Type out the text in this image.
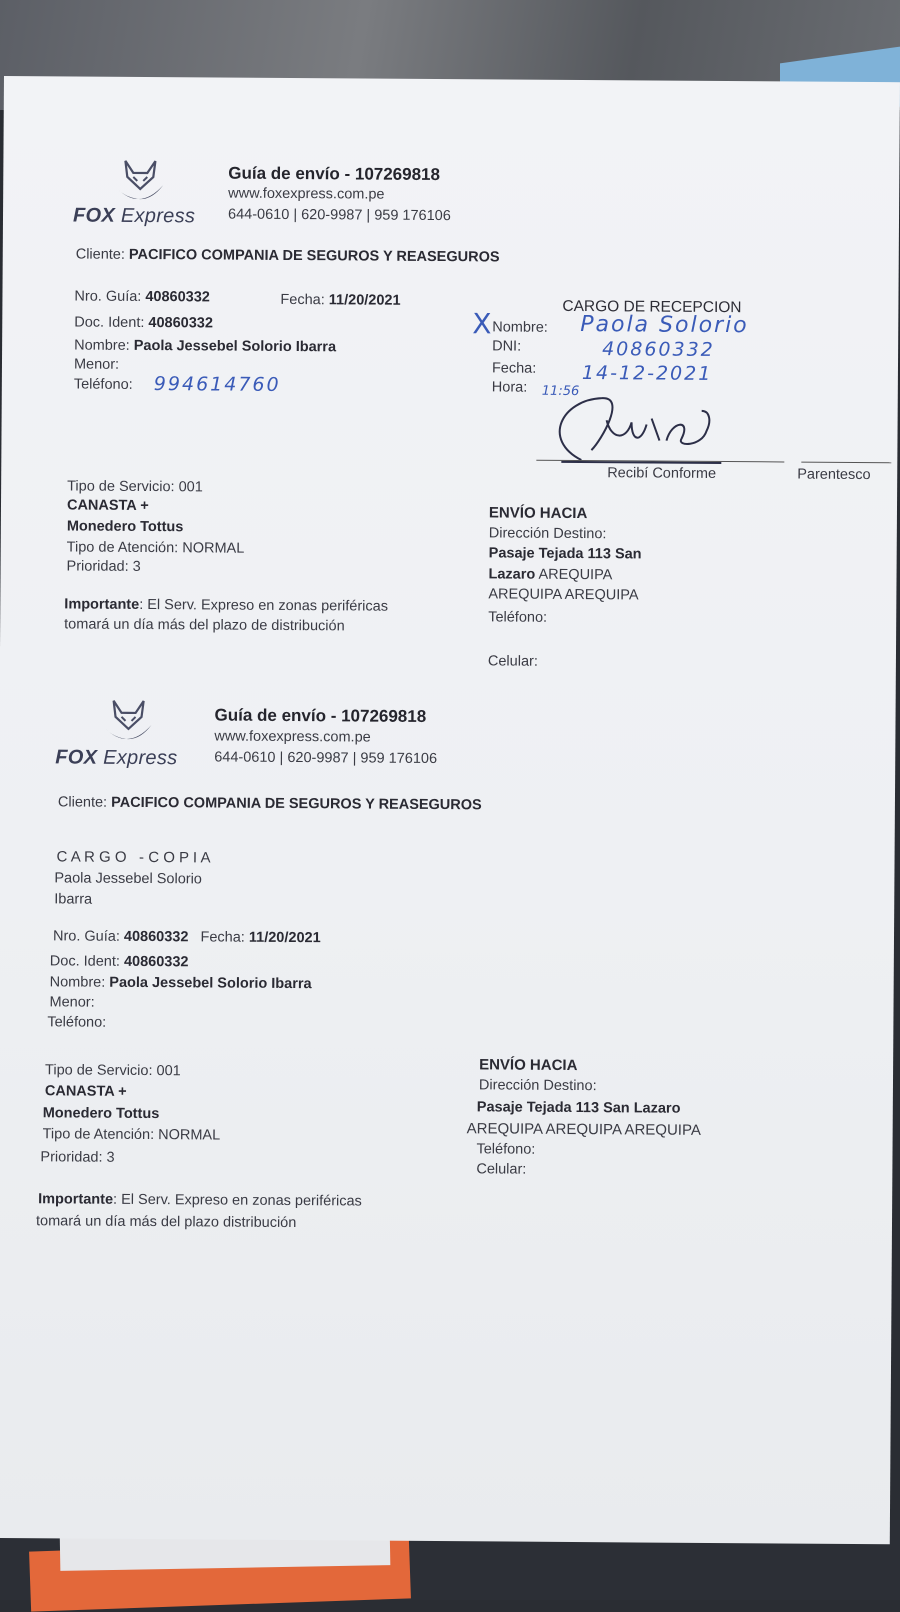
FOX Express
Guía de envío - 107269818
www.foxexpress.com.pe
644-0610 | 620-9987 | 959 176106
Cliente: PACIFICO COMPANIA DE SEGUROS Y REASEGUROS
Nro. Guía: 40860332	Fecha: 11/20/2021
Doc. Ident: 40860332
Nombre: Paola Jessebel Solorio Ibarra
Menor:
Teléfono: 994614760
CARGO DE RECEPCION
X Nombre: Paola Solorio
DNI:	40860332
Fecha: 14-12-2021
Hora: 11:56
Recibí Conforme	Parentesco
Tipo de Servicio: 001
CANASTA +
Monedero Tottus
Tipo de Atención: NORMAL
Prioridad: 3
Importante: El Serv. Expreso en zonas periféricas
tomará un día más del plazo de distribución
ENVÍO HACIA
Dirección Destino:
Pasaje Tejada 113 San
Lazaro AREQUIPA
AREQUIPA AREQUIPA
Teléfono:
Celular:
FOX Express
Guía de envío - 107269818
www.foxexpress.com.pe
644-0610 | 620-9987 | 959 176106
Cliente: PACIFICO COMPANIA DE SEGUROS Y REASEGUROS
C A R G O   - C O P I A
Paola Jessebel Solorio
Ibarra
Nro. Guía: 40860332 Fecha: 11/20/2021
Doc. Ident: 40860332
Nombre: Paola Jessebel Solorio Ibarra
Menor:
Teléfono:
Tipo de Servicio: 001
CANASTA +
Monedero Tottus
Tipo de Atención: NORMAL
Prioridad: 3
Importante: El Serv. Expreso en zonas periféricas
tomará un día más del plazo distribución
ENVÍO HACIA
Dirección Destino:
Pasaje Tejada 113 San Lazaro
AREQUIPA AREQUIPA AREQUIPA
Teléfono:
Celular:
